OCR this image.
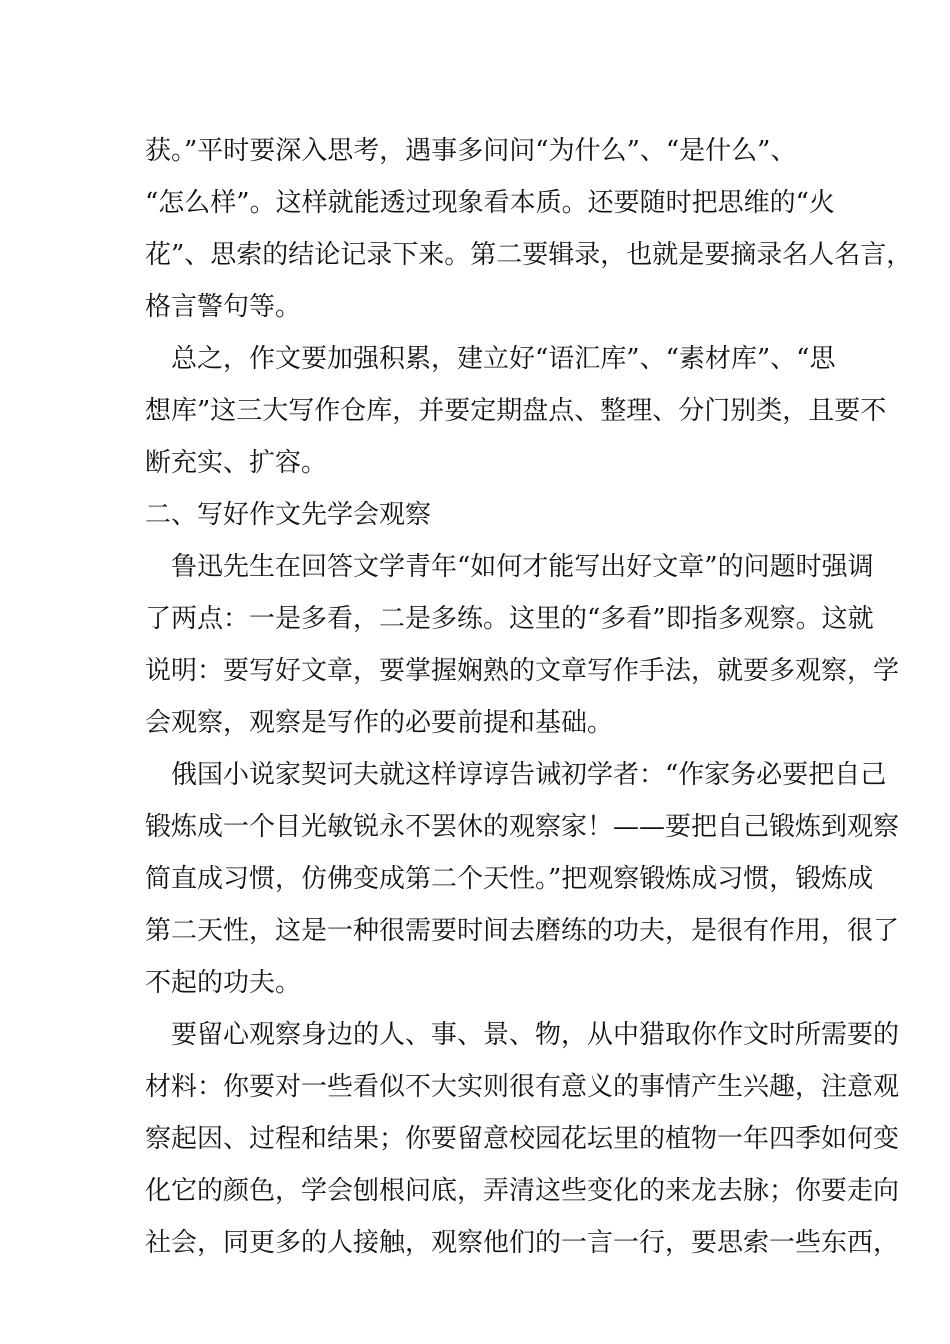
获。”平时要深入思考，遇事多问问“为什么”、“是什么”、
“怎么样”。这样就能透过现象看本质。还要随时把思维的“火
花”、思索的结论记录下来。第二要辑录，也就是要摘录名人名言，
格言警句等。
　总之，作文要加强积累，建立好“语汇库”、“素材库”、“思
想库”这三大写作仓库，并要定期盘点、整理、分门别类，且要不
断充实、扩容。
二、写好作文先学会观察
　鲁迅先生在回答文学青年“如何才能写出好文章”的问题时强调
了两点：一是多看，二是多练。这里的“多看”即指多观察。这就
说明：要写好文章，要掌握娴熟的文章写作手法，就要多观察，学
会观察，观察是写作的必要前提和基础。
　俄国小说家契诃夫就这样谆谆告诫初学者：“作家务必要把自己
锻炼成一个目光敏锐永不罢休的观察家！——要把自己锻炼到观察
简直成习惯，仿佛变成第二个天性。”把观察锻炼成习惯，锻炼成
第二天性，这是一种很需要时间去磨练的功夫，是很有作用，很了
不起的功夫。
　要留心观察身边的人、事、景、物，从中猎取你作文时所需要的
材料：你要对一些看似不大实则很有意义的事情产生兴趣，注意观
察起因、过程和结果；你要留意校园花坛里的植物一年四季如何变
化它的颜色，学会刨根问底，弄清这些变化的来龙去脉；你要走向
社会，同更多的人接触，观察他们的一言一行，要思索一些东西，
